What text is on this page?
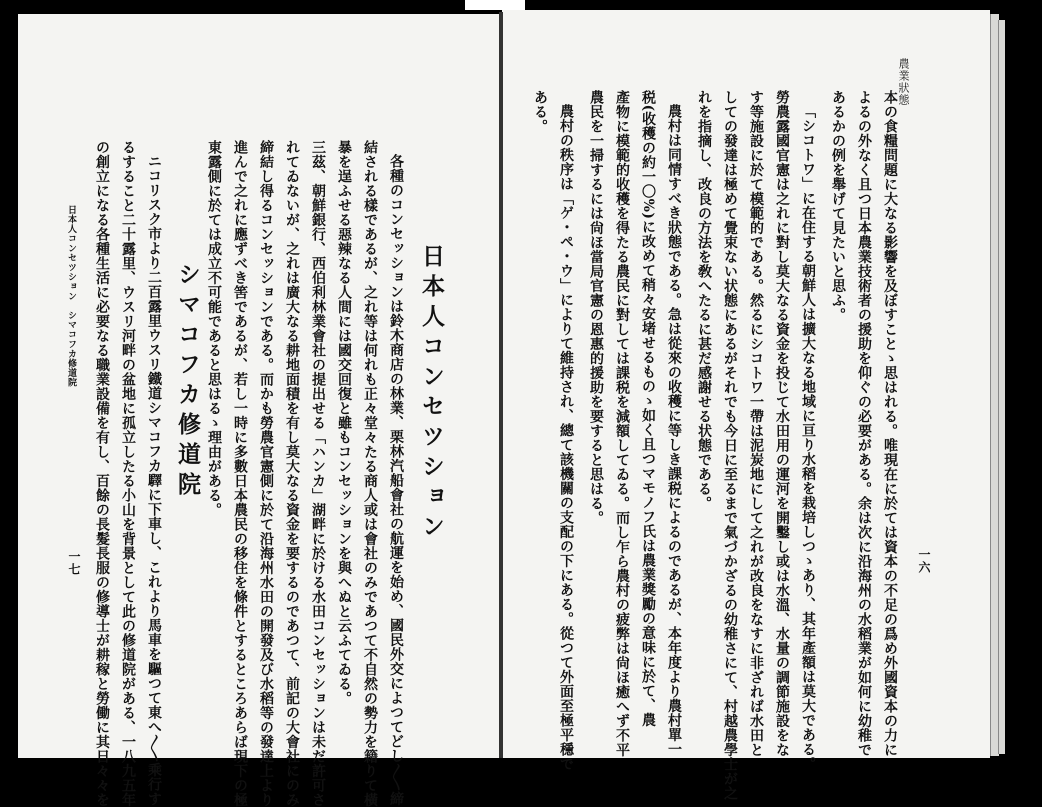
農業狀態
一六
本の食糧問題に大なる影響を及ぼすことゝ思はれる。唯現在に於ては資本の不足の爲め外國資本の力に
よるの外なく且つ日本農業技術者の援助を仰ぐの必要がある。余は次に沿海州の水稻業が如何に幼稚で
あるかの例を舉げて見たいと思ふ。
「シコトワ」に在住する朝鮮人は擴大なる地域に亘り水稻を栽培しつゝあり、其年產額は莫大である。
勞農露國官憲は之れに對し莫大なる資金を投じて水田用の運河を開鑿し或は水溫、水量の調節施設をな
す等施設に於て模範的である。然るにシコトワ一帶は泥炭地にして之れが改良をなすに非ざれば水田と
しての發達は極めて覺束ない状態にあるがそれでも今日に至るまで氣づかざるの幼稚さにて、村越農學士が之
れを指摘し、改良の方法を敎へたるに甚だ感謝せる状態である。
農村は同情すべき狀態である。急は從來の收穫に等しき課税によるのであるが、本年度より農村單一
税(收穫の約一〇%)に改めて稍々安堵せるものゝ如く且つマモノフ氏は農業獎勵の意味に於て、農
產物に模範的收穫を得たる農民に對しては課税を減額してゐる。而し乍ら農村の疲弊は尙ほ癒へず不平
農民を一掃するには尙ほ當局官憲の恩惠的援助を要すると思はる。
農村の秩序は「ゲ・ペ・ウ」によりて維持され、總て該機關の支配の下にある。從つて外面至極平穩で
ある。
日本人コンセツション
各種のコンセッションは鈴木商店の林業、栗林汽船會社の航運を始め、國民外交によつてどし〳〵締
結される樣であるが、之れ等は何れも正々堂々たる商人或は會社のみであつて不自然の勢力を籍りて橫
暴を逞ふせる惡辣なる人間には國交回復と雖もコンセッションを與へぬと云ふてゐる。
三茲、朝鮮銀行、西伯利林業會社の提出せる「ハンカ」湖畔に於ける水田コンセッションは未だ許可さ
れてゐないが、之れは廣大なる耕地面積を有し莫大なる資金を要するのであつて、前記の大會社にのみ
締結し得るコンセッションである。而かも勞農官憲側に於て沿海州水田の開發及び水稻等の發達上より
進んで之れに應ずべき筈であるが、若し一時に多數日本農民の移住を條件とするところあらば現下の極
東露側に於ては成立不可能であると思はるゝ理由がある。
シマコフカ修道院
ニコリスク市より二百露里ウスリ鐵道シマコフカ驛に下車し、これより馬車を驅つて東へ〳〵乘行す
るすること二十露里、ウスリ河畔の盆地に孤立したる小山を背景として此の修道院がある、一八九五年
の創立になる各種生活に必要なる職業設備を有し、百餘の長髮長服の修導士が耕稼と勞働に其日々々を
日本人コンセツション　シマコフカ修道院
一七
